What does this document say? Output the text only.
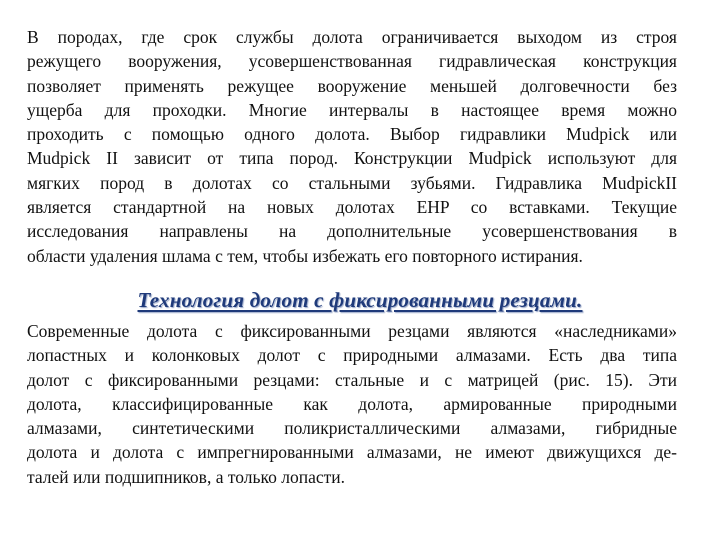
В породах, где срок службы долота ограничивается выходом из строя
режущего вооружения, усовершенствованная гидравлическая конструкция
позволяет применять режущее вооружение меньшей долговечности без
ущерба для проходки. Многие интервалы в настоящее время можно
проходить с помощью одного долота. Выбор гидравлики Mudpick или
Mudpick II зависит от типа пород. Конструкции Mudpick используют для
мягких пород в долотах со стальными зубьями. Гидравлика MudpickII
является стандартной на новых долотах EHP со вставками. Текущие
исследования направлены на дополнительные усовершенствования в
области удаления шлама с тем, чтобы избежать его повторного истирания.
Технология долот с фиксированными резцами.
Современные долота с фиксированными резцами являются «наследниками»
лопастных и колонковых долот с природными алмазами. Есть два типа
долот с фиксированными резцами: стальные и с матрицей (рис. 15). Эти
долота, классифицированные как долота, армированные природными
алмазами, синтетическими поликристаллическими алмазами, гибридные
долота и долота с импрегнированными алмазами, не имеют движущихся де-
талей или подшипников, а только лопасти.
